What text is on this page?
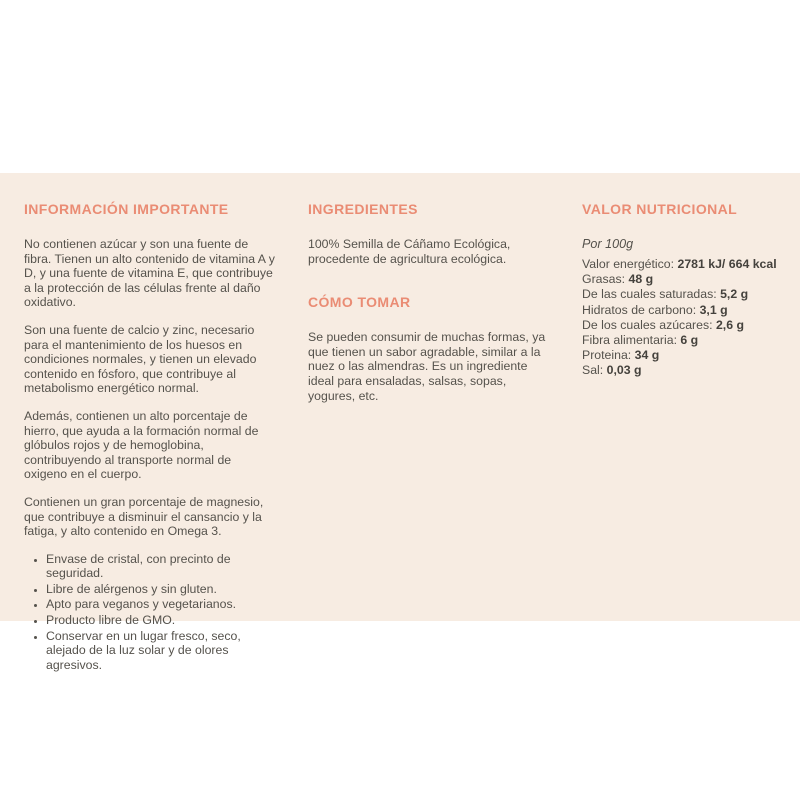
INFORMACIÓN IMPORTANTE

No contienen azúcar y son una fuente de fibra. Tienen un alto contenido de vitamina A y D, y una fuente de vitamina E, que contribuye a la protección de las células frente al daño oxidativo.

Son una fuente de calcio y zinc, necesario para el mantenimiento de los huesos en condiciones normales, y tienen un elevado contenido en fósforo, que contribuye al metabolismo energético normal.

Además, contienen un alto porcentaje de hierro, que ayuda a la formación normal de glóbulos rojos y de hemoglobina, contribuyendo al transporte normal de oxigeno en el cuerpo.

Contienen un gran porcentaje de magnesio, que contribuye a disminuir el cansancio y la fatiga, y alto contenido en Omega 3.

• Envase de cristal, con precinto de seguridad.
• Libre de alérgenos y sin gluten.
• Apto para veganos y vegetarianos.
• Producto libre de GMO.
• Conservar en un lugar fresco, seco, alejado de la luz solar y de olores agresivos.
INGREDIENTES

100% Semilla de Cáñamo Ecológica, procedente de agricultura ecológica.

CÓMO TOMAR

Se pueden consumir de muchas formas, ya que tienen un sabor agradable, similar a la nuez o las almendras. Es un ingrediente ideal para ensaladas, salsas, sopas, yogures, etc.

VALOR NUTRICIONAL

Por 100g

Valor energético: 2781 kJ/ 664 kcal

Grasas: 48 g

De las cuales saturadas: 5,2 g

Hidratos de carbono: 3,1 g

De los cuales azúcares: 2,6 g

Fibra alimentaria: 6 g

Proteina: 34 g

Sal: 0,03 g
